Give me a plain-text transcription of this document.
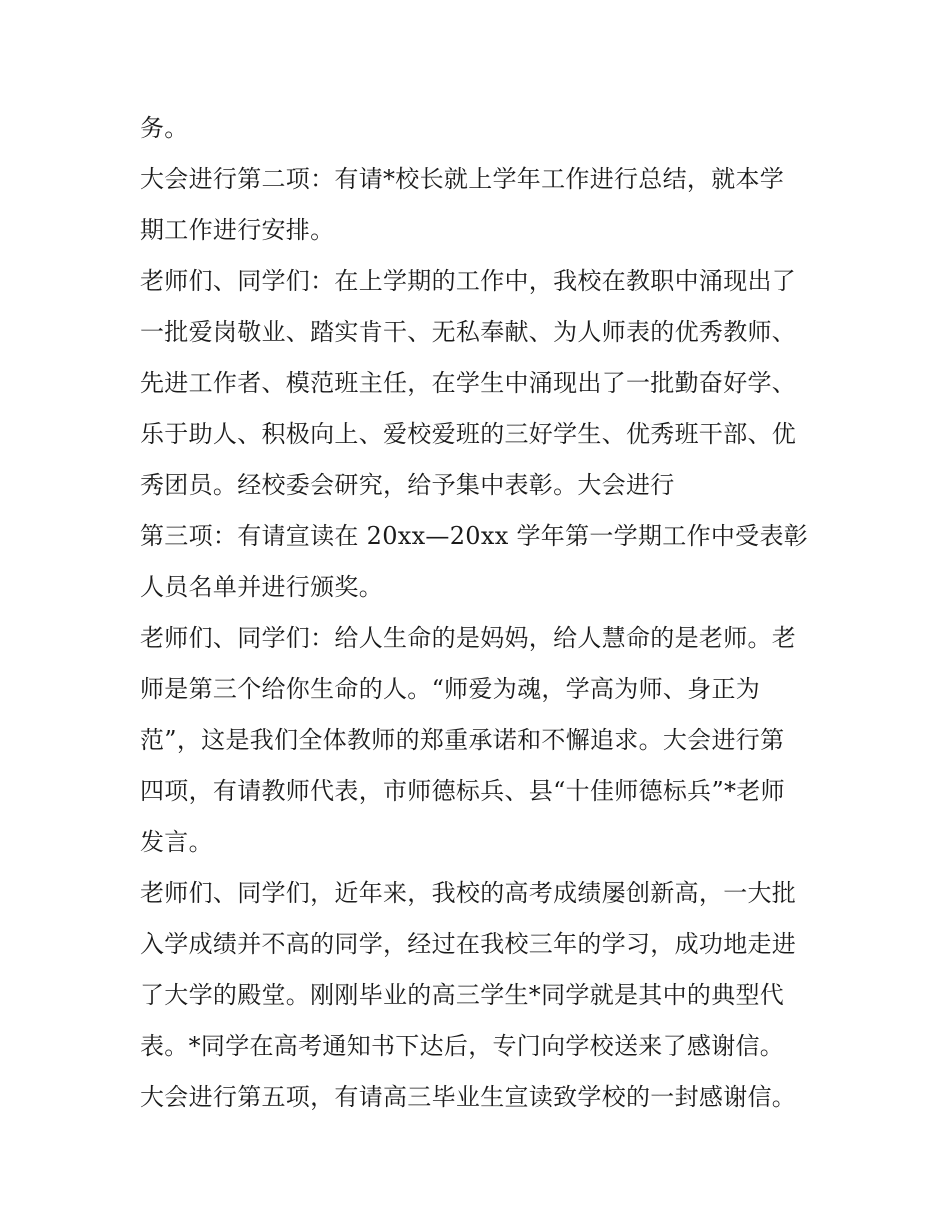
务。
大会进行第二项：有请*校长就上学年工作进行总结，就本学
期工作进行安排。
老师们、同学们：在上学期的工作中，我校在教职中涌现出了
一批爱岗敬业、踏实肯干、无私奉献、为人师表的优秀教师、
先进工作者、模范班主任，在学生中涌现出了一批勤奋好学、
乐于助人、积极向上、爱校爱班的三好学生、优秀班干部、优
秀团员。经校委会研究，给予集中表彰。大会进行
第三项：有请宣读在 20xx—20xx 学年第一学期工作中受表彰
人员名单并进行颁奖。
老师们、同学们：给人生命的是妈妈，给人慧命的是老师。老
师是第三个给你生命的人。“师爱为魂，学高为师、身正为
范”，这是我们全体教师的郑重承诺和不懈追求。大会进行第
四项，有请教师代表，市师德标兵、县“十佳师德标兵”*老师
发言。
老师们、同学们，近年来，我校的高考成绩屡创新高，一大批
入学成绩并不高的同学，经过在我校三年的学习，成功地走进
了大学的殿堂。刚刚毕业的高三学生*同学就是其中的典型代
表。*同学在高考通知书下达后，专门向学校送来了感谢信。
大会进行第五项，有请高三毕业生宣读致学校的一封感谢信。
